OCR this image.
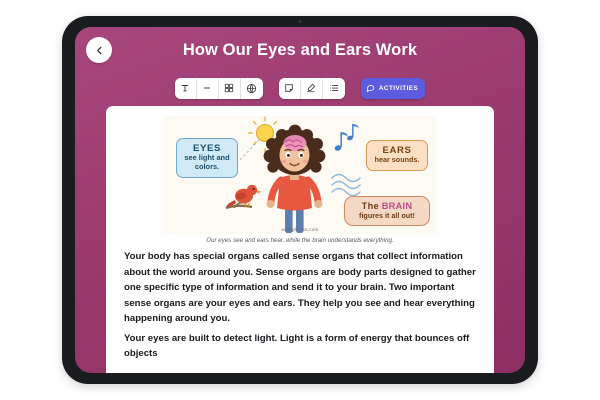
How Our Eyes and Ears Work
ACTIVITIES
EYES
see light and colors.
EARS
hear sounds.
The BRAIN
figures it all out!
workybooks.com
Our eyes see and ears hear, while the brain understands everything.

Your body has special organs called sense organs that collect information about the world around you. Sense organs are body parts designed to gather one specific type of information and send it to your brain. Two important sense organs are your eyes and ears. They help you see and hear everything happening around you.

Your eyes are built to detect light. Light is a form of energy that bounces off objects
